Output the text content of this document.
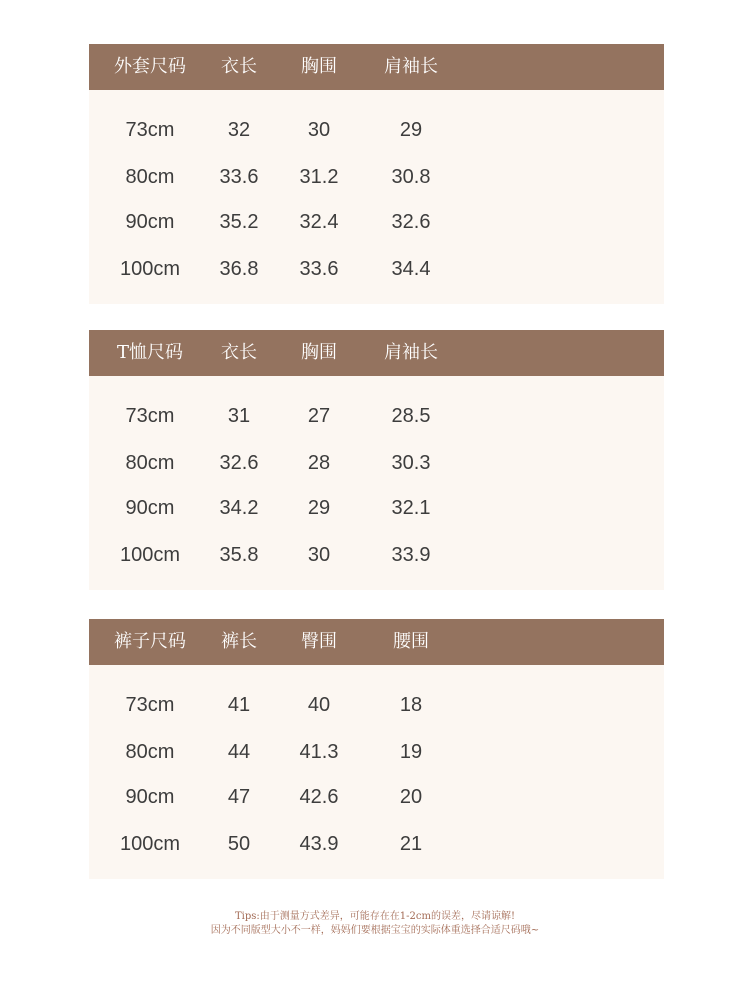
外套尺码 衣长 胸围	肩袖长
73cm	32	30	29
80cm 33.6 31.2	30.8
90cm 35.2 32.4	32.6
100cm 36.8 33.6	34.4
T恤尺码 衣长 胸围	肩袖长
73cm	31	27	28.5
80cm 32.6 28	30.3
90cm 34.2 29	32.1
100cm 35.8 30	33.9
裤子尺码 裤长 臀围	腰围
73cm	41	40	18
80cm	44 41.3	19
90cm	47 42.6	20
100cm 50 43.9	21
Tips:由于测量方式差异，可能存在在1-2cm的误差，尽请谅解!
因为不同版型大小不一样，妈妈们要根据宝宝的实际体重选择合适尺码哦~
